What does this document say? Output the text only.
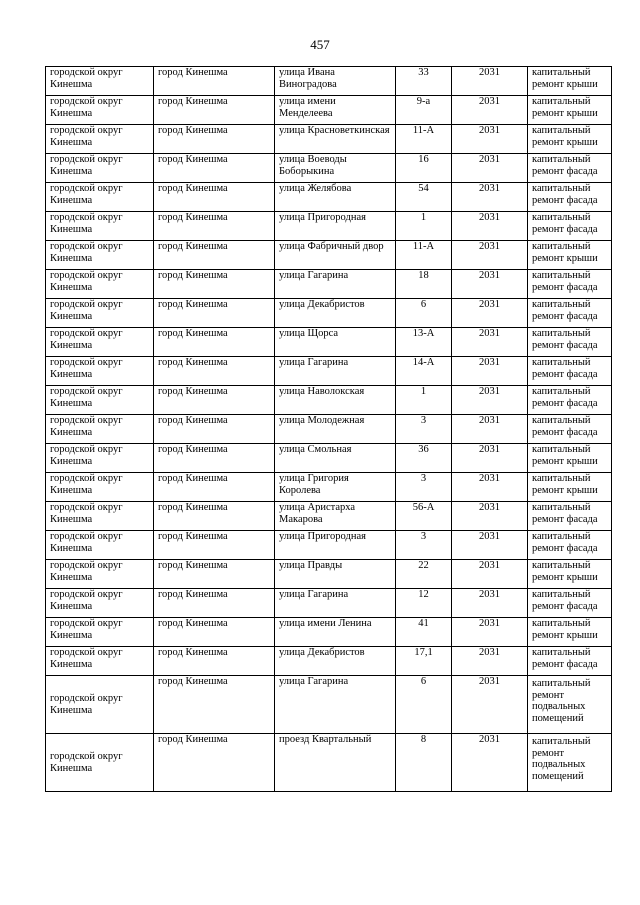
457
городской округ Кинешма	город Кинешма	улица Ивана Виноградова	33	2031	капитальный ремонт крыши
городской округ Кинешма	город Кинешма	улица имени Менделеева	9-а	2031	капитальный ремонт крыши
городской округ Кинешма	город Кинешма	улица Красноветкинская	11-А	2031	капитальный ремонт крыши
городской округ Кинешма	город Кинешма	улица Воеводы Боборыкина	16	2031	капитальный ремонт фасада
городской округ Кинешма	город Кинешма	улица Желябова	54	2031	капитальный ремонт фасада
городской округ Кинешма	город Кинешма	улица Пригородная	1	2031	капитальный ремонт фасада
городской округ Кинешма	город Кинешма	улица Фабричный двор	11-А	2031	капитальный ремонт крыши
городской округ Кинешма	город Кинешма	улица Гагарина	18	2031	капитальный ремонт фасада
городской округ Кинешма	город Кинешма	улица Декабристов	6	2031	капитальный ремонт фасада
городской округ Кинешма	город Кинешма	улица Щорса	13-А	2031	капитальный ремонт фасада
городской округ Кинешма	город Кинешма	улица Гагарина	14-А	2031	капитальный ремонт фасада
городской округ Кинешма	город Кинешма	улица Наволокская	1	2031	капитальный ремонт фасада
городской округ Кинешма	город Кинешма	улица Молодежная	3	2031	капитальный ремонт фасада
городской округ Кинешма	город Кинешма	улица Смольная	36	2031	капитальный ремонт крыши
городской округ Кинешма	город Кинешма	улица Григория Королева	3	2031	капитальный ремонт крыши
городской округ Кинешма	город Кинешма	улица Аристарха Макарова	56-А	2031	капитальный ремонт фасада
городской округ Кинешма	город Кинешма	улица Пригородная	3	2031	капитальный ремонт фасада
городской округ Кинешма	город Кинешма	улица Правды	22	2031	капитальный ремонт крыши
городской округ Кинешма	город Кинешма	улица Гагарина	12	2031	капитальный ремонт фасада
городской округ Кинешма	город Кинешма	улица имени Ленина	41	2031	капитальный ремонт крыши
городской округ Кинешма	город Кинешма	улица Декабристов	17,1	2031	капитальный ремонт фасада
городской округ Кинешма	город Кинешма	улица Гагарина	6	2031	капитальный ремонт подвальных помещений
городской округ Кинешма	город Кинешма	проезд Квартальный	8	2031	капитальный ремонт подвальных помещений
